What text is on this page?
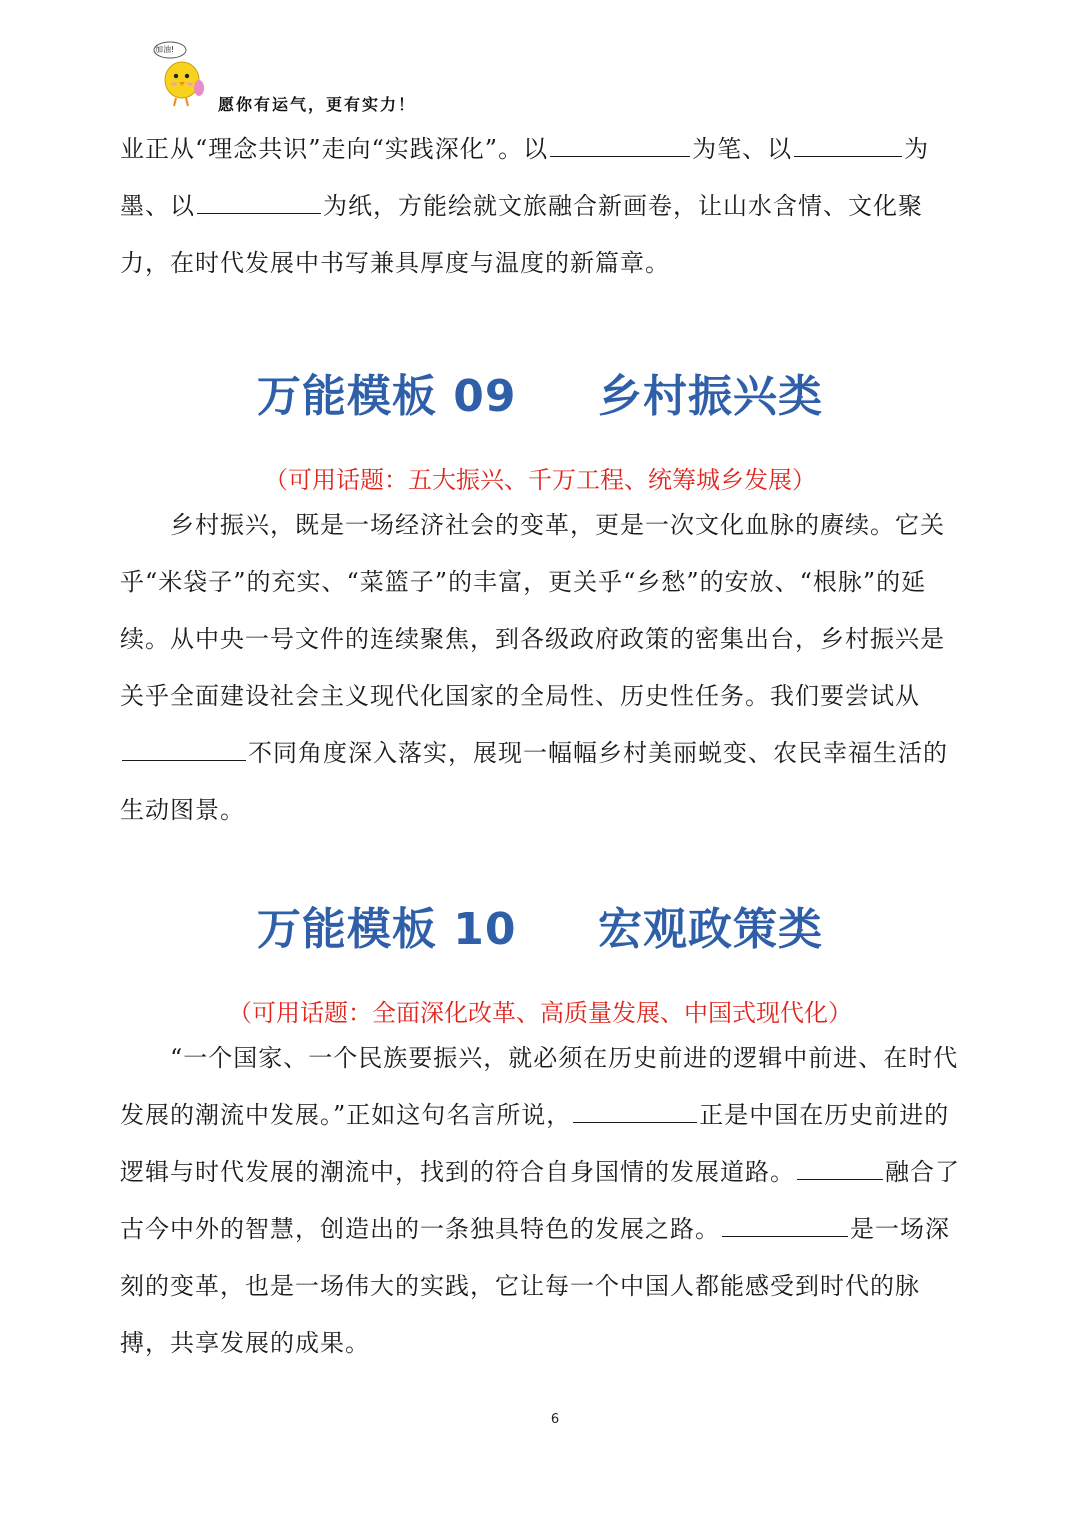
加油!
愿你有运气，更有实力！
业正从“理念共识”走向“实践深化”。以	为笔、以	为墨、以	为纸，方能绘就文旅融合新画卷，让山水含情、文化聚力，在时代发展中书写兼具厚度与温度的新篇章。
万能模板 09     乡村振兴类
（可用话题：五大振兴、千万工程、统筹城乡发展）
乡村振兴，既是一场经济社会的变革，更是一次文化血脉的赓续。它关乎“米袋子”的充实、“菜篮子”的丰富，更关乎“乡愁”的安放、“根脉”的延续。从中央一号文件的连续聚焦，到各级政府政策的密集出台，乡村振兴是关乎全面建设社会主义现代化国家的全局性、历史性任务。我们要尝试从不同角度深入落实，展现一幅幅乡村美丽蜕变、农民幸福生活的生动图景。
万能模板 10     宏观政策类
（可用话题：全面深化改革、高质量发展、中国式现代化）
“一个国家、一个民族要振兴，就必须在历史前进的逻辑中前进、在时代发展的潮流中发展。”正如这句名言所说，	正是中国在历史前进的逻辑与时代发展的潮流中，找到的符合自身国情的发展道路。	融合了古今中外的智慧，创造出的一条独具特色的发展之路。	是一场深刻的变革，也是一场伟大的实践，它让每一个中国人都能感受到时代的脉搏，共享发展的成果。
6
